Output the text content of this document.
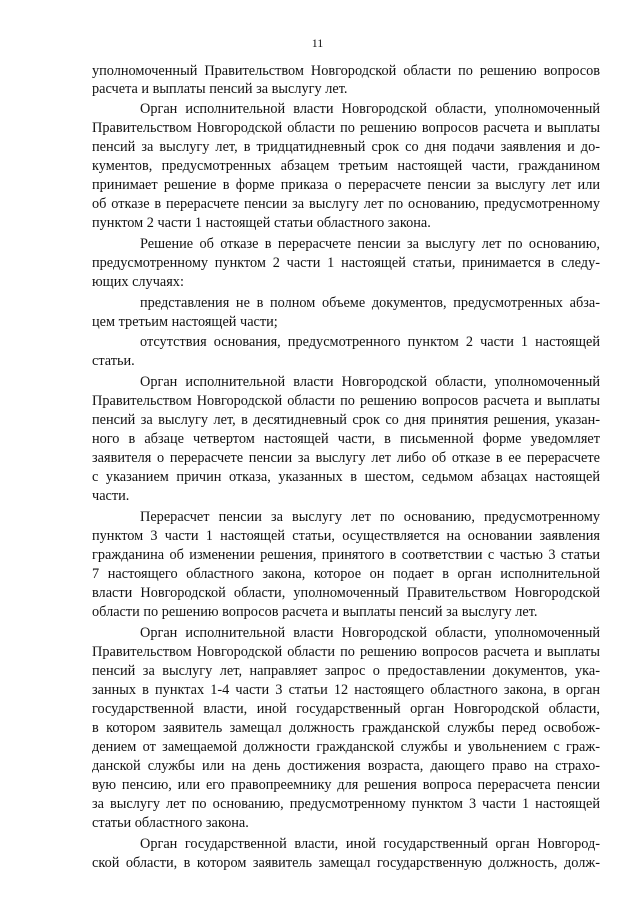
11
уполномоченный Правительством Новгородской области по решению вопросов
расчета и выплаты пенсий за выслугу лет.
Орган исполнительной власти Новгородской области, уполномоченный
Правительством Новгородской области по решению вопросов расчета и выплаты
пенсий за выслугу лет, в тридцатидневный срок со дня подачи заявления и до-
кументов, предусмотренных абзацем третьим настоящей части, гражданином
принимает решение в форме приказа о перерасчете пенсии за выслугу лет или
об отказе в перерасчете пенсии за выслугу лет по основанию, предусмотренному
пунктом 2 части 1 настоящей статьи областного закона.
Решение об отказе в перерасчете пенсии за выслугу лет по основанию,
предусмотренному пунктом 2 части 1 настоящей статьи, принимается в следу-
ющих случаях:
представления не в полном объеме документов, предусмотренных абза-
цем третьим настоящей части;
отсутствия основания, предусмотренного пунктом 2 части 1 настоящей
статьи.
Орган исполнительной власти Новгородской области, уполномоченный
Правительством Новгородской области по решению вопросов расчета и выплаты
пенсий за выслугу лет, в десятидневный срок со дня принятия решения, указан-
ного в абзаце четвертом настоящей части, в письменной форме уведомляет
заявителя о перерасчете пенсии за выслугу лет либо об отказе в ее перерасчете
с указанием причин отказа, указанных в шестом, седьмом абзацах настоящей
части.
Перерасчет пенсии за выслугу лет по основанию, предусмотренному
пунктом 3 части 1 настоящей статьи, осуществляется на основании заявления
гражданина об изменении решения, принятого в соответствии с частью 3 статьи
7 настоящего областного закона, которое он подает в орган исполнительной
власти Новгородской области, уполномоченный Правительством Новгородской
области по решению вопросов расчета и выплаты пенсий за выслугу лет.
Орган исполнительной власти Новгородской области, уполномоченный
Правительством Новгородской области по решению вопросов расчета и выплаты
пенсий за выслугу лет, направляет запрос о предоставлении документов, ука-
занных в пунктах 1-4 части 3 статьи 12 настоящего областного закона, в орган
государственной власти, иной государственный орган Новгородской области,
в котором заявитель замещал должность гражданской службы перед освобож-
дением от замещаемой должности гражданской службы и увольнением с граж-
данской службы или на день достижения возраста, дающего право на страхо-
вую пенсию, или его правопреемнику для решения вопроса перерасчета пенсии
за выслугу лет по основанию, предусмотренному пунктом 3 части 1 настоящей
статьи областного закона.
Орган государственной власти, иной государственный орган Новгород-
ской области, в котором заявитель замещал государственную должность, долж-
